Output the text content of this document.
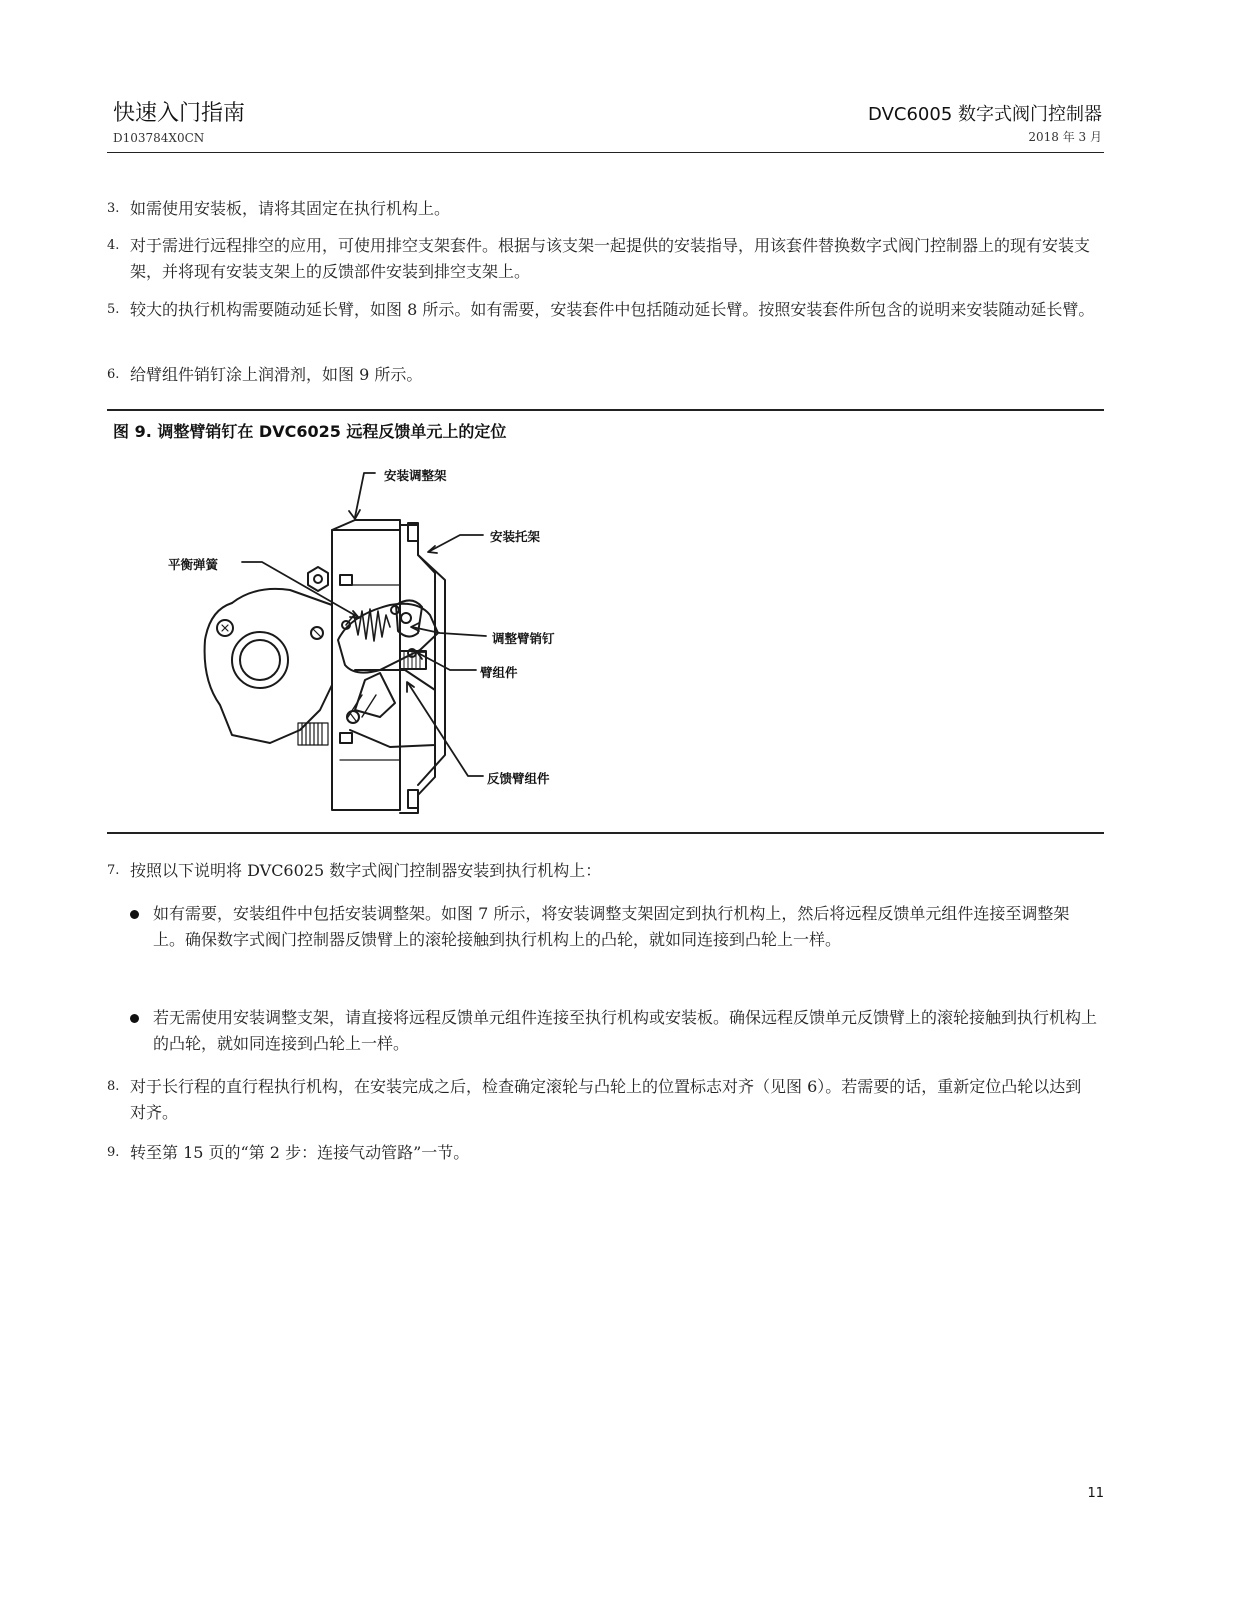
快速入门指南
D103784X0CN
DVC6005 数字式阀门控制器
2018 年 3 月
3. 如需使用安装板，请将其固定在执行机构上。
4. 对于需进行远程排空的应用，可使用排空支架套件。根据与该支架一起提供的安装指导，用该套件替换数字式阀门控制器上的现有安装支架，并将现有安装支架上的反馈部件安装到排空支架上。
5. 较大的执行机构需要随动延长臂，如图 8 所示。如有需要，安装套件中包括随动延长臂。按照安装套件所包含的说明来安装随动延长臂。
6. 给臂组件销钉涂上润滑剂，如图 9 所示。
图 9. 调整臂销钉在 DVC6025 远程反馈单元上的定位
安装调整架
安装托架
平衡弹簧
调整臂销钉
臂组件
反馈臂组件
7. 按照以下说明将 DVC6025 数字式阀门控制器安装到执行机构上：
如有需要，安装组件中包括安装调整架。如图 7 所示，将安装调整支架固定到执行机构上，然后将远程反馈单元组件连接至调整架上。确保数字式阀门控制器反馈臂上的滚轮接触到执行机构上的凸轮，就如同连接到凸轮上一样。
若无需使用安装调整支架，请直接将远程反馈单元组件连接至执行机构或安装板。确保远程反馈单元反馈臂上的滚轮接触到执行机构上的凸轮，就如同连接到凸轮上一样。
8. 对于长行程的直行程执行机构，在安装完成之后，检查确定滚轮与凸轮上的位置标志对齐（见图 6）。若需要的话，重新定位凸轮以达到对齐。
9. 转至第 15 页的“第 2 步：连接气动管路”一节。
11
